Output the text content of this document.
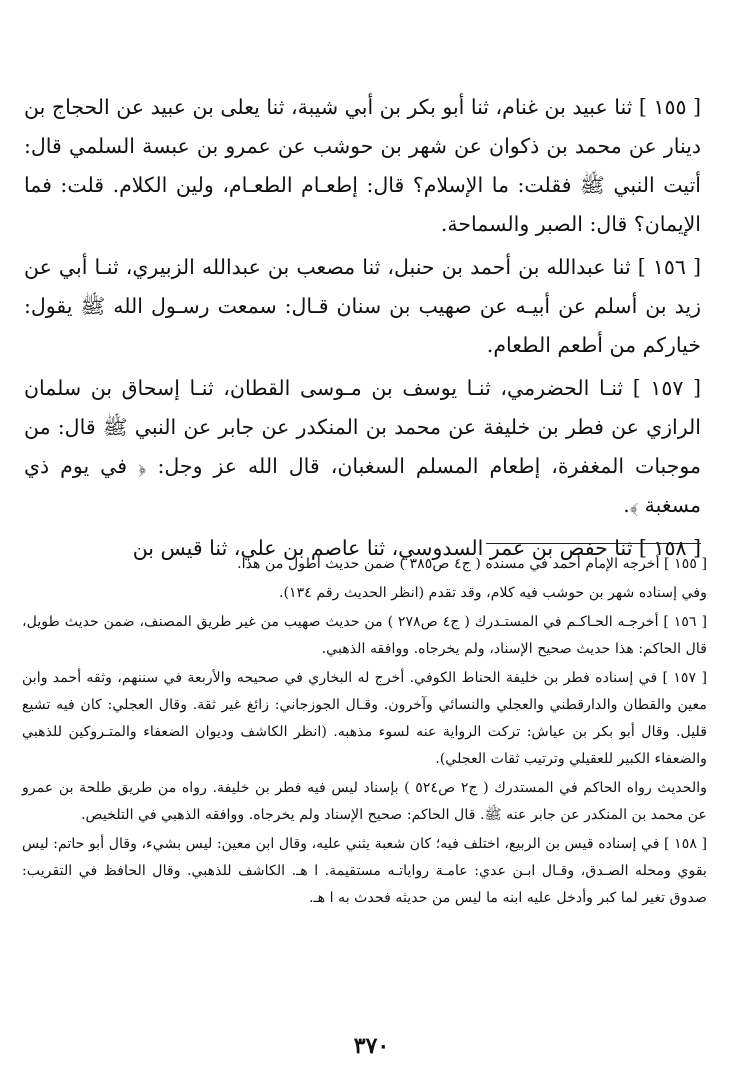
[ ١٥٥ ] ثنا عبيد بن غنام، ثنا أبو بكر بن أبي شيبة، ثنا يعلى بن عبيد عن الحجاج بن دينار عن محمد بن ذكوان عن شهر بن حوشب عن عمرو بن عبسة السلمي قال: أتيت النبي ﷺ فقلت: ما الإسلام؟ قال: إطعـام الطعـام، ولين الكلام. قلت: فما الإيمان؟ قال: الصبر والسماحة.

[ ١٥٦ ] ثنا عبدالله بن أحمد بن حنبل، ثنا مصعب بن عبدالله الزبيري، ثنـا أبي عن زيد بن أسلم عن أبيـه عن صهيب بن سنان قـال: سمعت رسـول الله ﷺ يقول: خياركم من أطعم الطعام.

[ ١٥٧ ] ثنـا الحضرمي، ثنـا يوسف بن مـوسى القطان، ثنـا إسحاق بن سلمان الرازي عن فطر بن خليفة عن محمد بن المنكدر عن جابر عن النبي ﷺ قال: من موجبات المغفرة، إطعام المسلم السغبان، قال الله عز وجل: ﴿ في يوم ذي مسغبة ﴾.

[ ١٥٨ ] ثنا حفص بن عمر السدوسي، ثنا عاصم بن علي، ثنا قيس بن

[ ١٥٥ ] أخرجه الإمام أحمد في مسنده ( ج٤ ص٣٨٥ ) ضمن حديث أطول من هذا.
وفي إسناده شهر بن حوشب فيه كلام، وقد تقدم (انظر الحديث رقم ١٣٤).
[ ١٥٦ ] أخرجـه الحـاكـم في المستـدرك ( ج٤ ص٢٧٨ ) من حديث صهيب من غير طريق المصنف، ضمن حديث طويل، قال الحاكم: هذا حديث صحيح الإسناد، ولم يخرجاه. ووافقه الذهبي.
[ ١٥٧ ] في إسناده فطر بن خليفة الحناط الكوفي. أخرج له البخاري في صحيحه والأربعة في سننهم، وثقه أحمد وابن معين والقطان والدارقطني والعجلي والنسائي وآخرون. وقـال الجوزجاني: زائغ غير ثقة. وقال العجلي: كان فيه تشيع قليل. وقال أبو بكر بن عياش: تركت الرواية عنه لسوء مذهبه. (انظر الكاشف وديوان الضعفاء والمتـروكين للذهبي والضعفاء الكبير للعقيلي وترتيب ثقات العجلي).
والحديث رواه الحاكم في المستدرك ( ج٢ ص٥٢٤ ) بإسناد ليس فيه فطر بن خليفة. رواه من طريق طلحة بن عمرو عن محمد بن المنكدر عن جابر عنه ﷺ. قال الحاكم: صحيح الإسناد ولم يخرجاه. ووافقه الذهبي في التلخيص.
[ ١٥٨ ] في إسناده قيس بن الربيع، اختلف فيه؛ كان شعبة يثني عليه، وقال ابن معين: ليس بشيء، وقال أبو حاتم: ليس بقوي ومحله الصـدق، وقـال ابـن عدي: عامـة رواياتـه مستقيمة. ا هـ. الكاشف للذهبي. وقال الحافظ في التقريب: صدوق تغير لما كبر وأدخل عليه ابنه ما ليس من حديثه فحدث به ا هـ.
٣٧٠
